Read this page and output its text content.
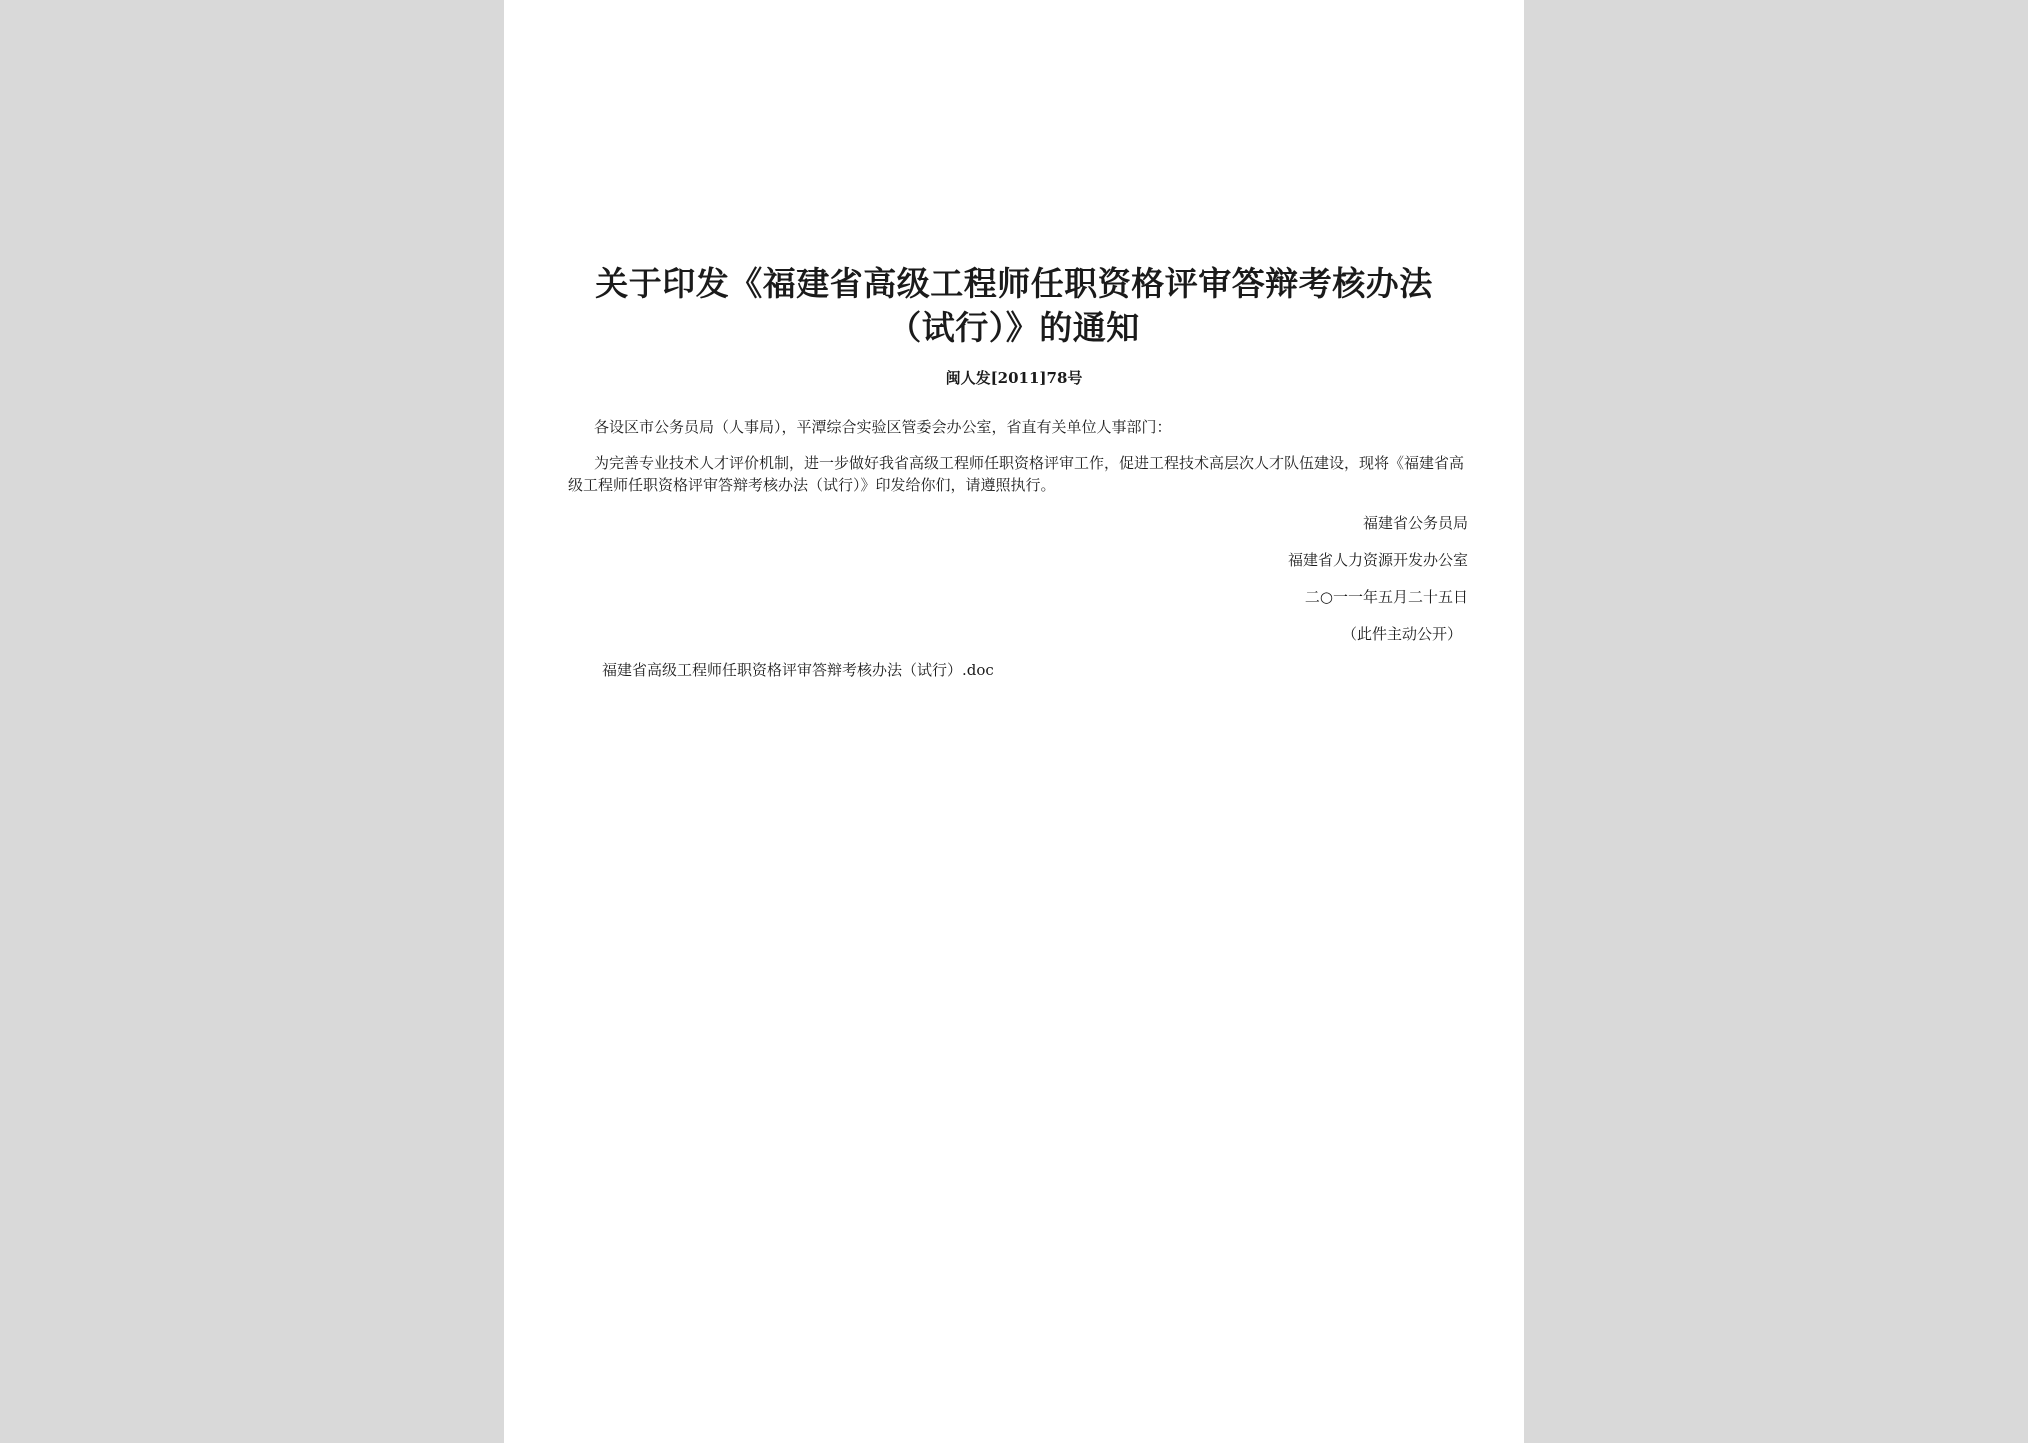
关于印发《福建省高级工程师任职资格评审答辩考核办法（试行）》的通知
闽人发[2011]78号
各设区市公务员局（人事局），平潭综合实验区管委会办公室，省直有关单位人事部门：
为完善专业技术人才评价机制，进一步做好我省高级工程师任职资格评审工作，促进工程技术高层次人才队伍建设，现将《福建省高级工程师任职资格评审答辩考核办法（试行）》印发给你们，请遵照执行。
福建省公务员局
福建省人力资源开发办公室
二○一一年五月二十五日
（此件主动公开）
福建省高级工程师任职资格评审答辩考核办法（试行）.doc
